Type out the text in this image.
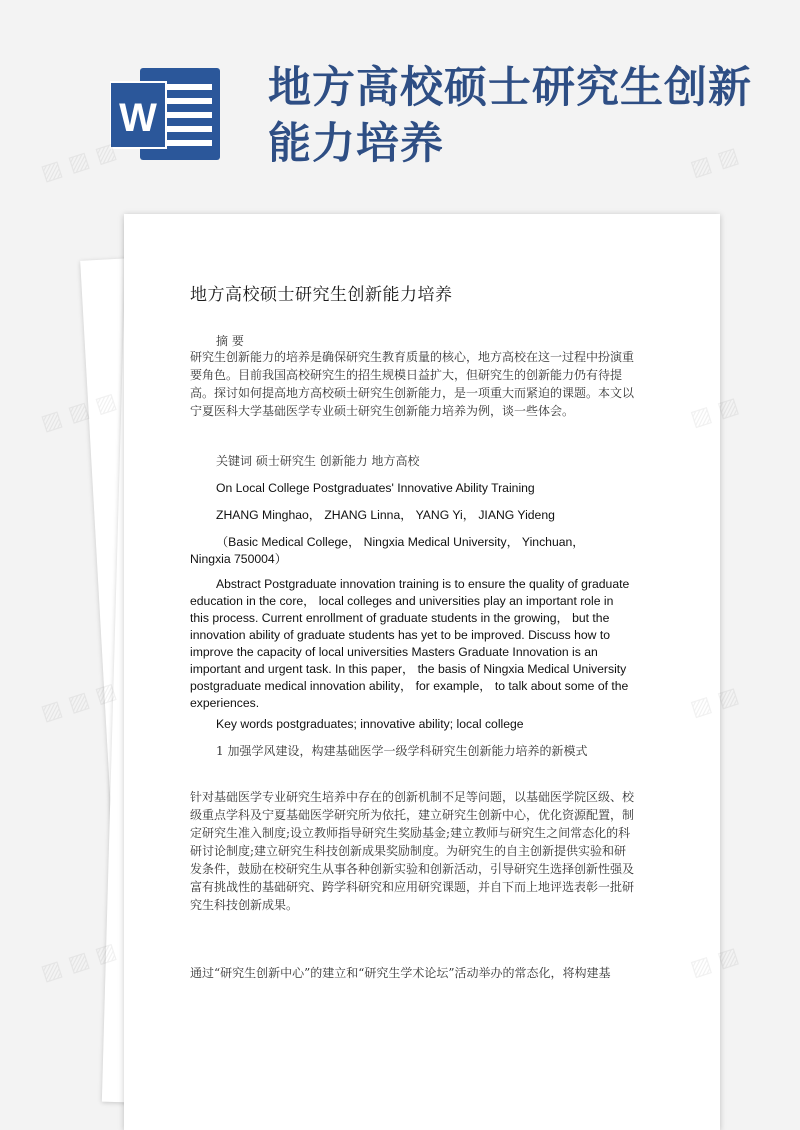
W
地方高校硕士研究生创新能力培养
地方高校硕士研究生创新能力培养
摘 要
研究生创新能力的培养是确保研究生教育质量的核心，地方高校在这一过程中扮演重要角色。目前我国高校研究生的招生规模日益扩大，但研究生的创新能力仍有待提高。探讨如何提高地方高校硕士研究生创新能力，是一项重大而紧迫的课题。本文以宁夏医科大学基础医学专业硕士研究生创新能力培养为例，谈一些体会。
关键词 硕士研究生 创新能力 地方高校
On Local College Postgraduates' Innovative Ability Training
ZHANG Minghao， ZHANG Linna， YANG Yi， JIANG Yideng
（Basic Medical College， Ningxia Medical University， Yinchuan，Ningxia 750004）
Abstract Postgraduate innovation training is to ensure the quality of graduate education in the core， local colleges and universities play an important role in this process. Current enrollment of graduate students in the growing， but the innovation ability of graduate students has yet to be improved. Discuss how to improve the capacity of local universities Masters Graduate Innovation is an important and urgent task. In this paper， the basis of Ningxia Medical University postgraduate medical innovation ability， for example， to talk about some of the experiences.
Key words postgraduates; innovative ability; local college
1 加强学风建设，构建基础医学一级学科研究生创新能力培养的新模式
针对基础医学专业研究生培养中存在的创新机制不足等问题，以基础医学院区级、校级重点学科及宁夏基础医学研究所为依托，建立研究生创新中心，优化资源配置，制定研究生准入制度;设立教师指导研究生奖励基金;建立教师与研究生之间常态化的科研讨论制度;建立研究生科技创新成果奖励制度。为研究生的自主创新提供实验和研发条件，鼓励在校研究生从事各种创新实验和创新活动，引导研究生选择创新性强及富有挑战性的基础研究、跨学科研究和应用研究课题，并自下而上地评选表彰一批研究生科技创新成果。
通过“研究生创新中心”的建立和“研究生学术论坛”活动举办的常态化，将构建基
▨ ▨ ▨	▨ ▨
▨ ▨ ▨	▨
▨ ▨ ▨	▨
▨ ▨ ▨	▨
